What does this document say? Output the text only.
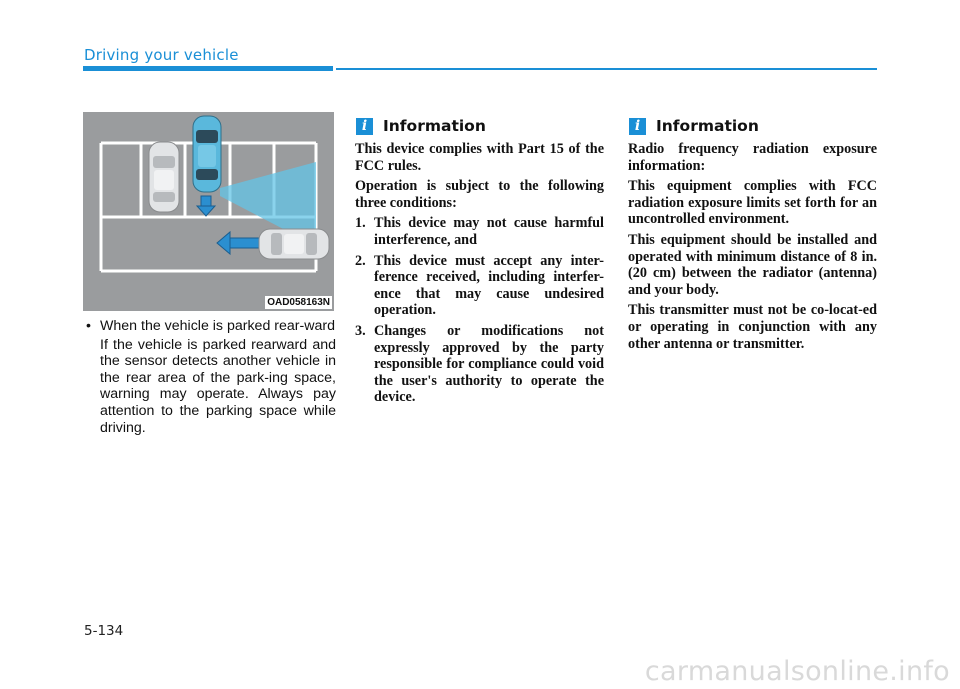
Driving your vehicle
OAD058163N
• When the vehicle is parked rear-ward
If the vehicle is parked rearward and the sensor detects another vehicle in the rear area of the park-ing space, warning may operate. Always pay attention to the parking space while driving.
i	Information

This device complies with Part 15 of the FCC rules.

Operation is subject to the following three conditions:

1. This device may not cause harmful interference, and
2. This device must accept any inter-ference received, including interfer-ence that may cause undesired operation.
3. Changes or modifications not expressly approved by the party responsible for compliance could void the user's authority to operate the device.
i	Information

Radio frequency radiation exposure information:

This equipment complies with FCC radiation exposure limits set forth for an uncontrolled environment.

This equipment should be installed and operated with minimum distance of 8 in. (20 cm) between the radiator (antenna) and your body.

This transmitter must not be co-locat-ed or operating in conjunction with any other antenna or transmitter.

5-134
carmanualsonline.info
